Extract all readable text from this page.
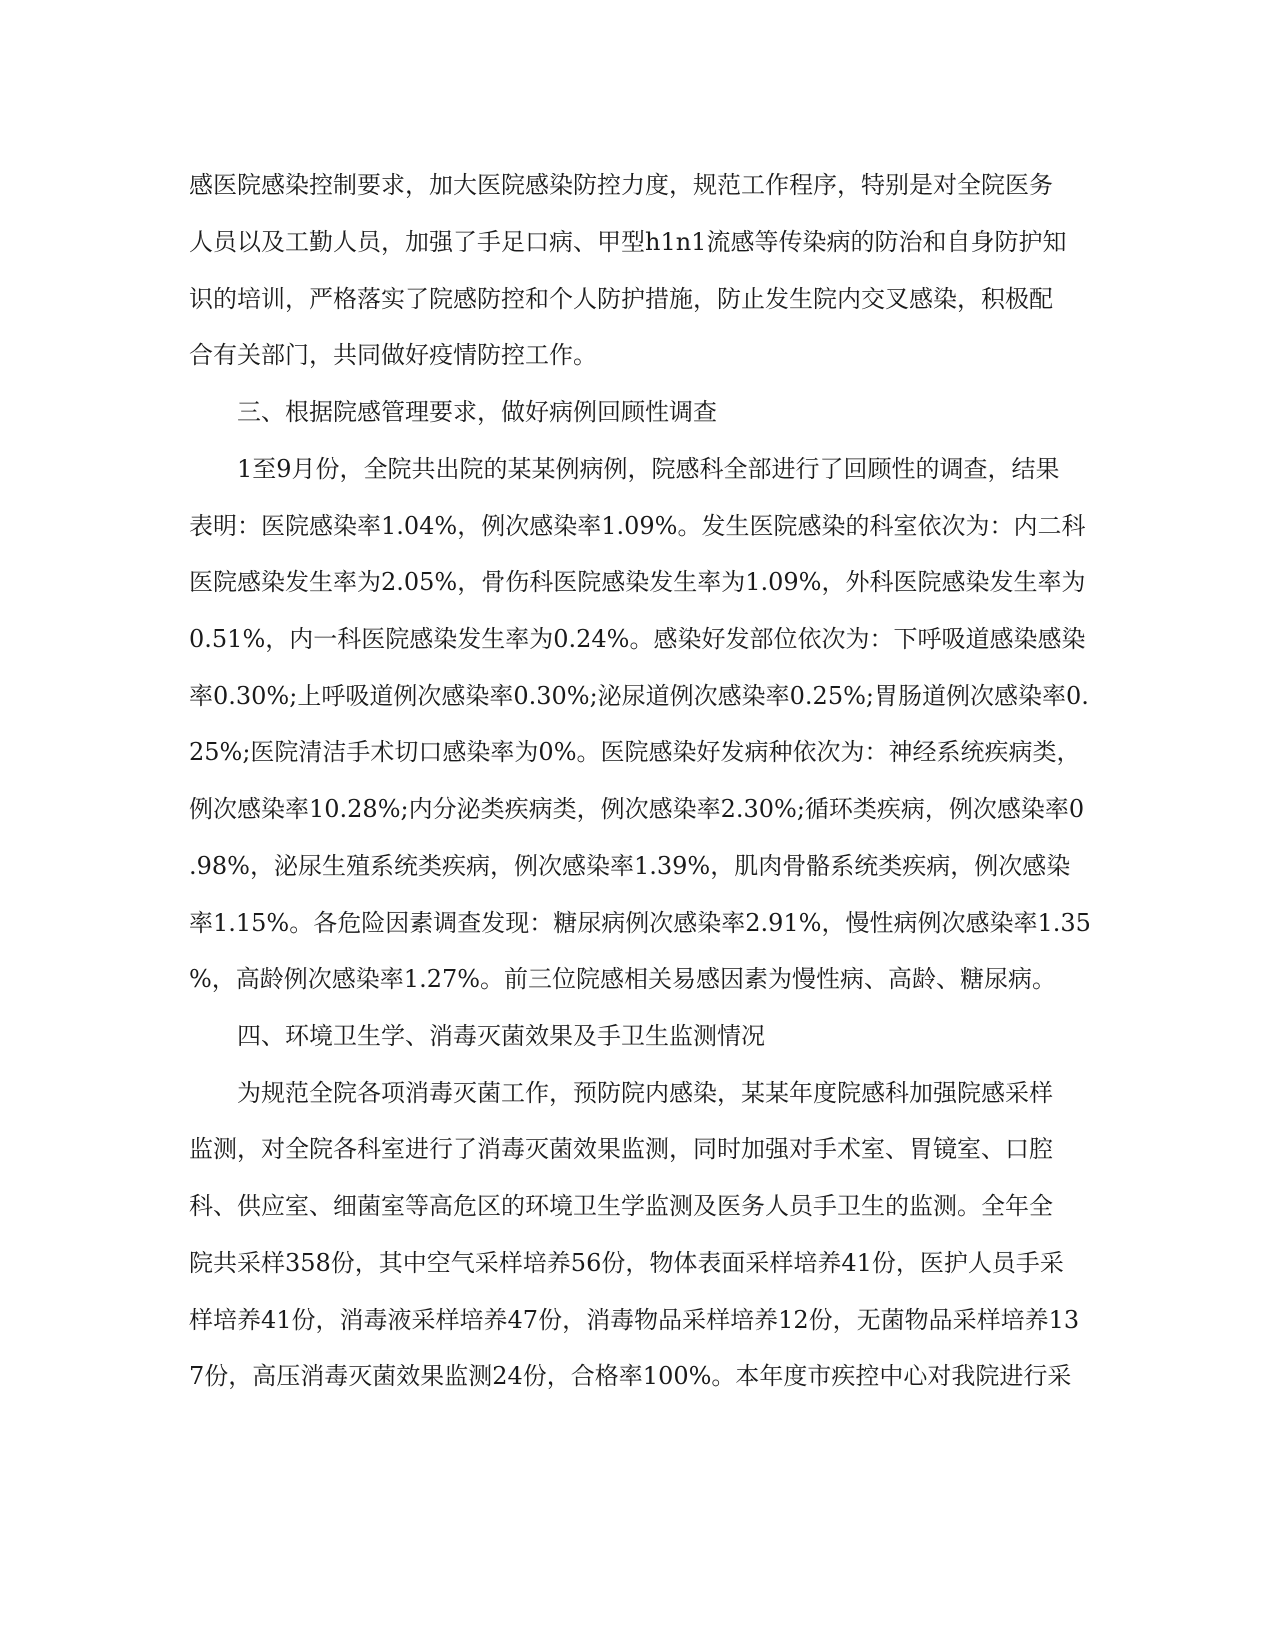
感医院感染控制要求，加大医院感染防控力度，规范工作程序，特别是对全院医务
人员以及工勤人员，加强了手足口病、甲型h1n1流感等传染病的防治和自身防护知
识的培训，严格落实了院感防控和个人防护措施，防止发生院内交叉感染，积极配
合有关部门，共同做好疫情防控工作。
　　三、根据院感管理要求，做好病例回顾性调查
　　1至9月份，全院共出院的某某例病例，院感科全部进行了回顾性的调查，结果
表明：医院感染率1.04%，例次感染率1.09%。发生医院感染的科室依次为：内二科
医院感染发生率为2.05%，骨伤科医院感染发生率为1.09%，外科医院感染发生率为
0.51%，内一科医院感染发生率为0.24%。感染好发部位依次为：下呼吸道感染感染
率0.30%;上呼吸道例次感染率0.30%;泌尿道例次感染率0.25%;胃肠道例次感染率0.
25%;医院清洁手术切口感染率为0%。医院感染好发病种依次为：神经系统疾病类，
例次感染率10.28%;内分泌类疾病类，例次感染率2.30%;循环类疾病，例次感染率0
.98%，泌尿生殖系统类疾病，例次感染率1.39%，肌肉骨骼系统类疾病，例次感染
率1.15%。各危险因素调查发现：糖尿病例次感染率2.91%，慢性病例次感染率1.35
%，高龄例次感染率1.27%。前三位院感相关易感因素为慢性病、高龄、糖尿病。
　　四、环境卫生学、消毒灭菌效果及手卫生监测情况
　　为规范全院各项消毒灭菌工作，预防院内感染，某某年度院感科加强院感采样
监测，对全院各科室进行了消毒灭菌效果监测，同时加强对手术室、胃镜室、口腔
科、供应室、细菌室等高危区的环境卫生学监测及医务人员手卫生的监测。全年全
院共采样358份，其中空气采样培养56份，物体表面采样培养41份，医护人员手采
样培养41份，消毒液采样培养47份，消毒物品采样培养12份，无菌物品采样培养13
7份，高压消毒灭菌效果监测24份，合格率100%。本年度市疾控中心对我院进行采
